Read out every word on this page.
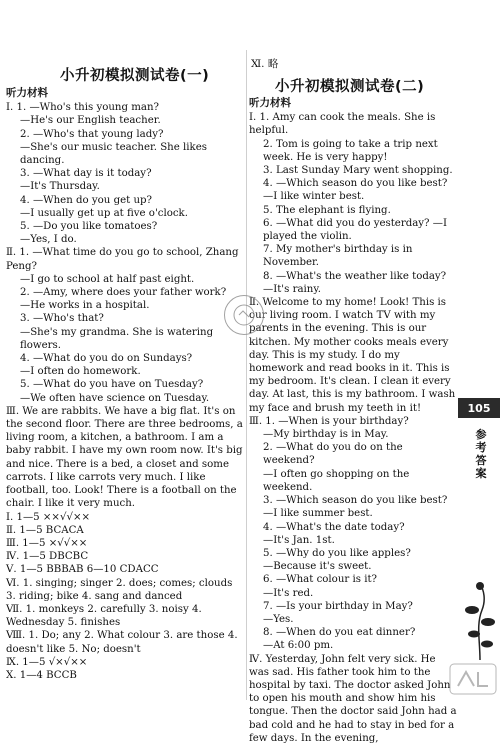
小升初模拟测试卷(一)
Ⅺ. 略
小升初模拟测试卷(二)
听力材料
Ⅰ. 1. —Who's this young man?
—He's our English teacher.
2. —Who's that young lady?
—She's our music teacher. She likes dancing.
3. —What day is it today?
—It's Thursday.
4. —When do you get up?
—I usually get up at five o'clock.
5. —Do you like tomatoes?
—Yes, I do.
Ⅱ. 1. —What time do you go to school, Zhang Peng?
—I go to school at half past eight.
2. —Amy, where does your father work?
—He works in a hospital.
3. —Who's that?
—She's my grandma. She is watering flowers.
4. —What do you do on Sundays?
—I often do homework.
5. —What do you have on Tuesday?
—We often have science on Tuesday.
Ⅲ. We are rabbits. We have a big flat. It's on the second floor. There are three bedrooms, a living room, a kitchen, a bathroom. I am a baby rabbit. I have my own room now. It's big and nice. There is a bed, a closet and some carrots. I like carrots very much. I like football, too. Look! There is a football on the chair. I like it very much.
Ⅰ. 1—5 ××√√××
Ⅱ. 1—5 BCACA
Ⅲ. 1—5 ×√√××
Ⅳ. 1—5 DBCBC
Ⅴ. 1—5 BBBAB 6—10 CDACC
Ⅵ. 1. singing; singer 2. does; comes; clouds 3. riding; bike 4. sang and danced
Ⅶ. 1. monkeys 2. carefully 3. noisy 4. Wednesday 5. finishes
Ⅷ. 1. Do; any 2. What colour 3. are those 4. doesn't like 5. No; doesn't
Ⅸ. 1—5 √×√××
Ⅹ. 1—4 BCCB
听力材料
Ⅰ. 1. Amy can cook the meals. She is helpful.
2. Tom is going to take a trip next week. He is very happy!
3. Last Sunday Mary went shopping.
4. —Which season do you like best?
—I like winter best.
5. The elephant is flying.
6. —What did you do yesterday? —I played the violin.
7. My mother's birthday is in November.
8. —What's the weather like today?
—It's rainy.
Ⅱ. Welcome to my home! Look! This is our living room. I watch TV with my parents in the evening. This is our kitchen. My mother cooks meals every day. This is my study. I do my homework and read books in it. This is my bedroom. It's clean. I clean it every day. At last, this is my bathroom. I wash my face and brush my teeth in it!
Ⅲ. 1. —When is your birthday?
—My birthday is in May.
2. —What do you do on the weekend?
—I often go shopping on the weekend.
3. —Which season do you like best?
—I like summer best.
4. —What's the date today?
—It's Jan. 1st.
5. —Why do you like apples?
—Because it's sweet.
6. —What colour is it?
—It's red.
7. —Is your birthday in May?
—Yes.
8. —When do you eat dinner?
—At 6:00 pm.
Ⅳ. Yesterday, John felt very sick. He was sad. His father took him to the hospital by taxi. The doctor asked John to open his mouth and show him his tongue. Then the doctor said John had a bad cold and he had to stay in bed for a few days. In the evening,
105
参
考
答
案
